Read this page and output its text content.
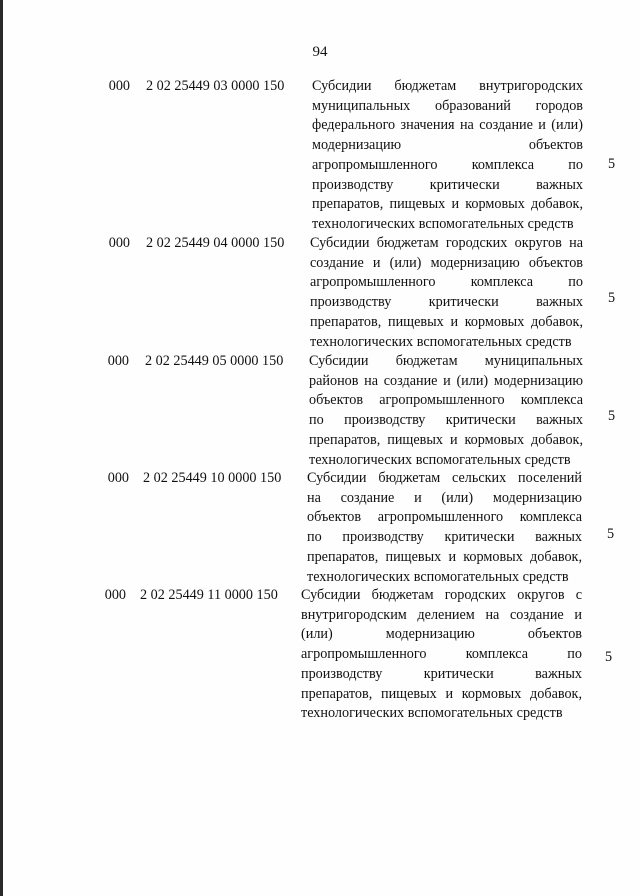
94
000 2 02 25449 03 0000 150 Субсидии бюджетам внутригородских
муниципальных образований городов
федерального значения на создание и (или)
модернизацию объектов
агропромышленного комплекса по
производству критически важных
препаратов, пищевых и кормовых добавок,
технологических вспомогательных средств
5
000 2 02 25449 04 0000 150 Субсидии бюджетам городских округов на
создание и (или) модернизацию объектов
агропромышленного комплекса по
производству критически важных
препаратов, пищевых и кормовых добавок,
технологических вспомогательных средств
5
000 2 02 25449 05 0000 150 Субсидии бюджетам муниципальных
районов на создание и (или) модернизацию
объектов агропромышленного комплекса
по производству критически важных
препаратов, пищевых и кормовых добавок,
технологических вспомогательных средств
5
000 2 02 25449 10 0000 150 Субсидии бюджетам сельских поселений
на создание и (или) модернизацию
объектов агропромышленного комплекса
по производству критически важных
препаратов, пищевых и кормовых добавок,
технологических вспомогательных средств
5
000 2 02 25449 11 0000 150 Субсидии бюджетам городских округов с
внутригородским делением на создание и
(или) модернизацию объектов
агропромышленного комплекса по
производству критически важных
препаратов, пищевых и кормовых добавок,
технологических вспомогательных средств
5
